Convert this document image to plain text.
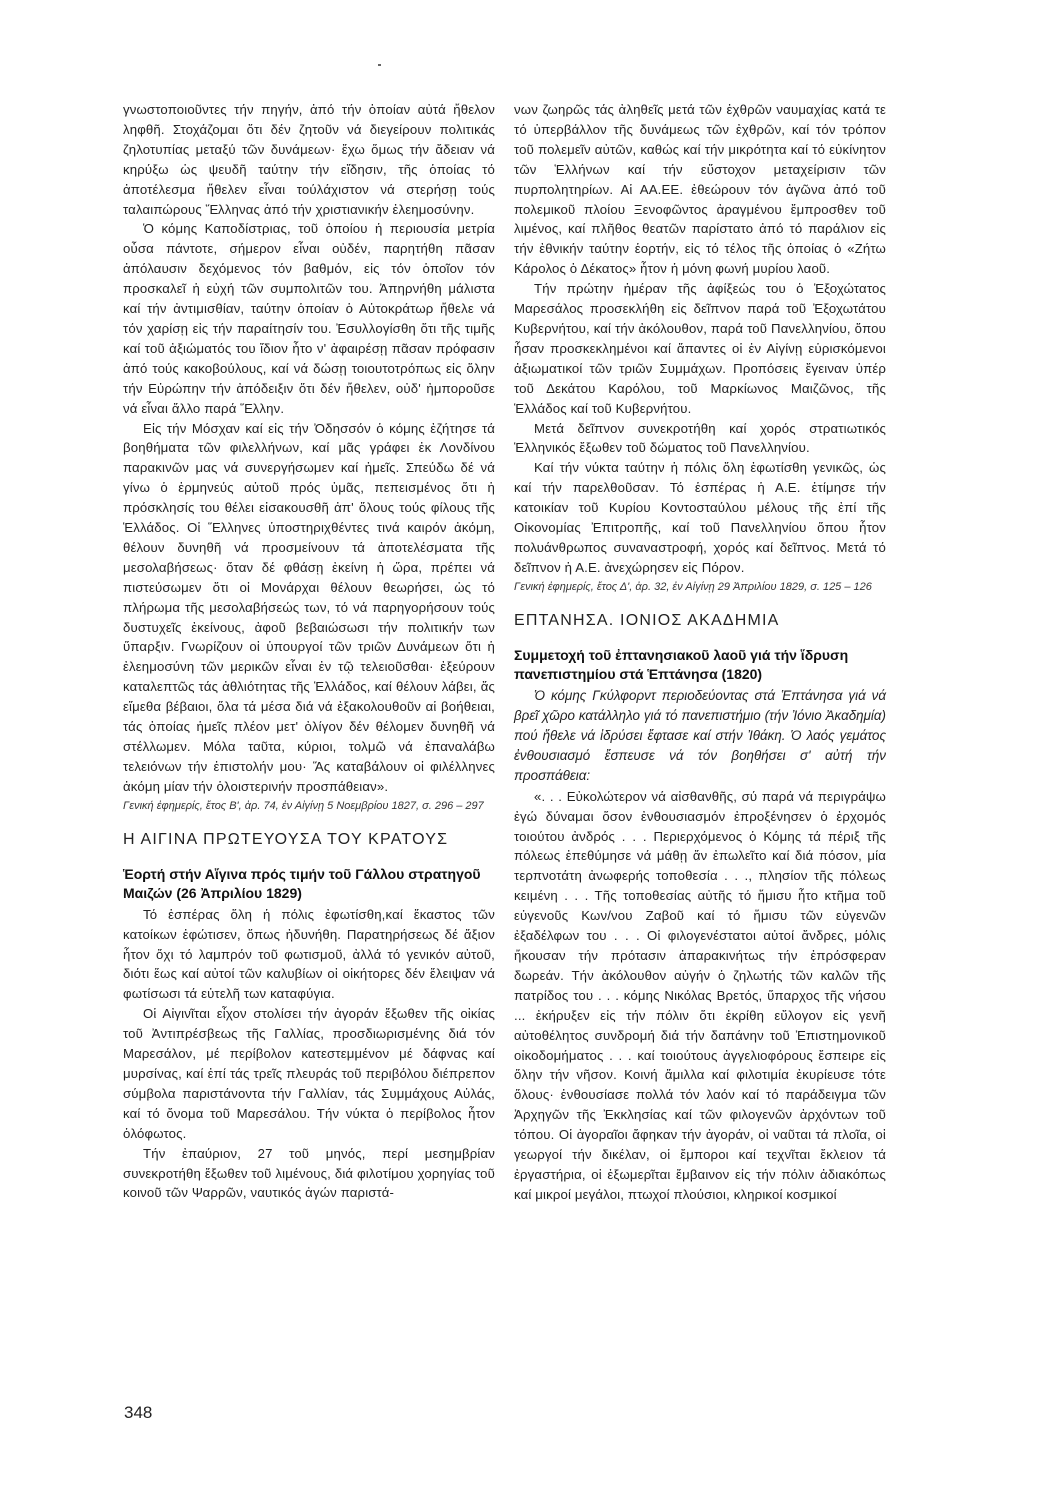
γνωστοποιοῦντες τήν πηγήν, ἀπό τήν ὁποίαν αὐτά ἤθελον ληφθῆ. Στοχάζομαι ὅτι δέν ζητοῦν νά διεγείρουν πολιτικάς ζηλοτυπίας μεταξύ τῶν δυνάμεων· ἔχω ὅμως τήν ἄδειαν νά κηρύξω ὡς ψευδῆ ταύτην τήν εἴδησιν, τῆς ὁποίας τό ἀποτέλεσμα ἤθελεν εἶναι τούλάχιστον νά στερήσῃ τούς ταλαιπώρους Ἕλληνας ἀπό τήν χριστιανικήν ἐλεημοσύνην.

Ὁ κόμης Καποδίστριας, τοῦ ὁποίου ἡ περιουσία μετρία οὖσα πάντοτε, σήμερον εἶναι οὐδέν, παρητήθη πᾶσαν ἀπόλαυσιν δεχόμενος τόν βαθμόν, εἰς τόν ὁποῖον τόν προσκαλεῖ ἡ εὐχή τῶν συμπολιτῶν του. Ἀπηρνήθη μάλιστα καί τήν ἀντιμισθίαν, ταύτην ὁποίαν ὁ Αὐτοκράτωρ ἤθελε νά τόν χαρίσῃ εἰς τήν παραίτησίν του. Ἐσυλλογίσθη ὅτι τῆς τιμῆς καί τοῦ ἀξιώματός του ἴδιον ἦτο ν' ἀφαιρέσῃ πᾶσαν πρόφασιν ἀπό τούς κακοβούλους, καί νά δώσῃ τοιουτοτρόπως εἰς ὅλην τήν Εὐρώπην τήν ἀπόδειξιν ὅτι δέν ἤθελεν, οὐδ' ἠμποροῦσε νά εἶναι ἄλλο παρά Ἕλλην.

Εἰς τήν Μόσχαν καί εἰς τήν Ὀδησσόν ὁ κόμης ἐζήτησε τά βοηθήματα τῶν φιλελλήνων, καί μᾶς γράφει ἐκ Λονδίνου παρακινῶν μας νά συνεργήσωμεν καί ἡμεῖς. Σπεύδω δέ νά γίνω ὁ ἑρμηνεύς αὐτοῦ πρός ὑμᾶς, πεπεισμένος ὅτι ἡ πρόσκλησίς του θέλει εἰσακουσθῆ ἀπ' ὅλους τούς φίλους τῆς Ἑλλάδος. Οἱ Ἕλληνες ὑποστηριχθέντες τινά καιρόν ἀκόμη, θέλουν δυνηθῆ νά προσμείνουν τά ἀποτελέσματα τῆς μεσολαβήσεως· ὅταν δέ φθάσῃ ἐκείνη ἡ ὥρα, πρέπει νά πιστεύσωμεν ὅτι οἱ Μονάρχαι θέλουν θεωρήσει, ὡς τό πλήρωμα τῆς μεσολαβήσεώς των, τό νά παρηγορήσουν τούς δυστυχεῖς ἐκείνους, ἀφοῦ βεβαιώσωσι τήν πολιτικήν των ὕπαρξιν. Γνωρίζουν οἱ ὑπουργοί τῶν τριῶν Δυνάμεων ὅτι ἡ ἐλεημοσύνη τῶν μερικῶν εἶναι ἐν τῷ τελειοῦσθαι· ἐξεύρουν καταλεπτῶς τάς ἀθλιότητας τῆς Ἑλλάδος, καί θέλουν λάβει, ἅς εἴμεθα βέβαιοι, ὅλα τά μέσα διά νά ἐξακολουθοῦν αἱ βοήθειαι, τάς ὁποίας ἡμεῖς πλέον μετ' ὀλίγον δέν θέλομεν δυνηθῆ νά στέλλωμεν. Μόλα ταῦτα, κύριοι, τολμῶ νά ἐπαναλάβω τελειόνων τήν ἐπιστολήν μου· Ἅς καταβάλουν οἱ φιλέλληνες ἀκόμη μίαν τήν ὁλοιστερινήν προσπάθειαν».

Γενική ἐφημερίς, ἔτος Β', ἀρ. 74, ἐν Αἰγίνῃ 5 Νοεμβρίου 1827, σ. 296 – 297

Η ΑΙΓΙΝΑ ΠΡΩΤΕΥΟΥΣΑ ΤΟΥ ΚΡΑΤΟΥΣ
Ἑορτή στήν Αἴγινα πρός τιμήν τοῦ Γάλλου στρατηγοῦ Μαιζών (26 Ἀπριλίου 1829)

Τό ἑσπέρας ὅλη ἡ πόλις ἐφωτίσθη,καί ἕκαστος τῶν κατοίκων ἐφώτισεν, ὅπως ἠδυνήθη. Παρατηρήσεως δέ ἄξιον ἦτον ὄχι τό λαμπρόν τοῦ φωτισμοῦ, ἀλλά τό γενικόν αὐτοῦ, διότι ἕως καί αὐτοί τῶν καλυβίων οἱ οἰκήτορες δέν ἔλειψαν νά φωτίσωσι τά εὐτελῆ των καταφύγια.

Οἱ Αἰγινῖται εἶχον στολίσει τήν ἀγοράν ἔξωθεν τῆς οἰκίας τοῦ Ἀντιπρέσβεως τῆς Γαλλίας, προσδιωρισμένης διά τόν Μαρεσάλον, μέ περίβολον κατεστεμμένον μέ δάφνας καί μυρσίνας, καί ἐπί τάς τρεῖς πλευράς τοῦ περιβόλου διέπρεπον σύμβολα παριστάνοντα τήν Γαλλίαν, τάς Συμμάχους Αὐλάς, καί τό ὄνομα τοῦ Μαρεσάλου. Τήν νύκτα ὁ περίβολος ἦτον ὁλόφωτος.

Τήν ἐπαύριον, 27 τοῦ μηνός, περί μεσημβρίαν συνεκροτήθη ἔξωθεν τοῦ λιμένους, διά φιλοτίμου χορηγίας τοῦ κοινοῦ τῶν Ψαρρῶν, ναυτικός ἀγών παριστά-

νων ζωηρῶς τάς ἀληθεῖς μετά τῶν ἐχθρῶν ναυμαχίας κατά τε τό ὑπερβάλλον τῆς δυνάμεως τῶν ἐχθρῶν, καί τόν τρόπον τοῦ πολεμεῖν αὐτῶν, καθώς καί τήν μικρότητα καί τό εὐκίνητον τῶν Ἑλλήνων καί τήν εὔστοχον μεταχείρισιν τῶν πυρπολητηρίων. Αἱ ΑΑ.ΕΕ. ἐθεώρουν τόν ἀγῶνα ἀπό τοῦ πολεμικοῦ πλοίου Ξενοφῶντος ἀραγμένου ἔμπροσθεν τοῦ λιμένος, καί πλῆθος θεατῶν παρίστατο ἀπό τό παράλιον εἰς τήν ἐθνικήν ταύτην ἑορτήν, εἰς τό τέλος τῆς ὁποίας ὁ «Ζήτω Κάρολος ὁ Δέκατος» ἦτον ἡ μόνη φωνή μυρίου λαοῦ.

Τήν πρώτην ἡμέραν τῆς ἀφίξεώς του ὁ Ἐξοχώτατος Μαρεσάλος προσεκλήθη εἰς δεῖπνον παρά τοῦ Ἐξοχωτάτου Κυβερνήτου, καί τήν ἀκόλουθον, παρά τοῦ Πανελληνίου, ὅπου ἦσαν προσκεκλημένοι καί ἅπαντες οἱ ἐν Αἰγίνῃ εὑρισκόμενοι ἀξιωματικοί τῶν τριῶν Συμμάχων. Προπόσεις ἔγειναν ὑπέρ τοῦ Δεκάτου Καρόλου, τοῦ Μαρκίωνος Μαιζῶνος, τῆς Ἑλλάδος καί τοῦ Κυβερνήτου.

Μετά δεῖπνον συνεκροτήθη καί χορός στρατιωτικός Ἑλληνικός ἔξωθεν τοῦ δώματος τοῦ Πανελληνίου.

Καί τήν νύκτα ταύτην ἡ πόλις ὅλη ἐφωτίσθη γενικῶς, ὡς καί τήν παρελθοῦσαν. Τό ἑσπέρας ἡ Α.Ε. ἐτίμησε τήν κατοικίαν τοῦ Κυρίου Κοντοσταύλου μέλους τῆς ἐπί τῆς Οἰκονομίας Ἐπιτροπῆς, καί τοῦ Πανελληνίου ὅπου ἦτον πολυάνθρωπος συναναστροφή, χορός καί δεῖπνος. Μετά τό δεῖπνον ἡ Α.Ε. ἀνεχώρησεν εἰς Πόρον.

Γενική ἐφημερίς, ἔτος Δ', ἀρ. 32, ἐν Αἰγίνῃ 29 Ἀπριλίου 1829, σ. 125 – 126

ΕΠΤΑΝΗΣΑ. ΙΟΝΙΟΣ ΑΚΑΔΗΜΙΑ
Συμμετοχή τοῦ ἐπτανησιακοῦ λαοῦ γιά τήν ἵδρυση πανεπιστημίου στά Ἑπτάνησα (1820)

Ὁ κόμης Γκύλφορντ περιοδεύοντας στά Ἑπτάνησα γιά νά βρεῖ χῶρο κατάλληλο γιά τό πανεπιστήμιο (τήν Ἰόνιο Ἀκαδημία) πού ἤθελε νά ἱδρύσει ἔφτασε καί στήν Ἰθάκη. Ὁ λαός γεμάτος ἐνθουσιασμό ἔσπευσε νά τόν βοηθήσει σ' αὐτή τήν προσπάθεια:

«. . . Εὐκολώτερον νά αἰσθανθῆς, σύ παρά νά περιγράψω ἐγώ δύναμαι ὅσον ἐνθουσιασμόν ἐπροξένησεν ὁ ἐρχομός τοιούτου ἀνδρός . . . Περιερχόμενος ὁ Κόμης τά πέριξ τῆς πόλεως ἐπεθύμησε νά μάθῃ ἄν ἐπωλεῖτο καί διά πόσον, μία τερπνοτάτη ἀνωφερής τοποθεσία . . ., πλησίον τῆς πόλεως κειμένη . . . Τῆς τοποθεσίας αὐτῆς τό ἥμισυ ἦτο κτῆμα τοῦ εὐγενοῦς Κων/νου Ζαβοῦ καί τό ἥμισυ τῶν εὐγενῶν ἐξαδέλφων του . . . Οἱ φιλογενέστατοι αὐτοί ἄνδρες, μόλις ἤκουσαν τήν πρότασιν ἀπαρακινήτως τήν ἐπρόσφεραν δωρεάν. Τήν ἀκόλουθον αὐγήν ὁ ζηλωτής τῶν καλῶν τῆς πατρίδος του . . . κόμης Νικόλας Βρετός, ὕπαρχος τῆς νήσου ... ἐκήρυξεν εἰς τήν πόλιν ὅτι ἐκρίθη εὔλογον εἰς γενῆ αὐτοθέλητος συνδρομή διά τήν δαπάνην τοῦ Ἐπιστημονικοῦ οἰκοδομήματος . . . καί τοιούτους ἀγγελιοφόρους ἔσπειρε εἰς ὅλην τήν νῆσον. Κοινή ἅμιλλα καί φιλοτιμία ἐκυρίευσε τότε ὅλους· ἐνθουσίασε πολλά τόν λαόν καί τό παράδειγμα τῶν Ἀρχηγῶν τῆς Ἐκκλησίας καί τῶν φιλογενῶν ἀρχόντων τοῦ τόπου. Οἱ ἀγοραῖοι ἄφηκαν τήν ἀγοράν, οἱ ναῦται τά πλοῖα, οἱ γεωργοί τήν δικέλαν, οἱ ἔμποροι καί τεχνῖται ἔκλειον τά ἐργαστήρια, οἱ ἐξωμερῖται ἔμβαινον εἰς τήν πόλιν ἀδιακόπως καί μικροί μεγάλοι, πτωχοί πλούσιοι, κληρικοί κοσμικοί

348
